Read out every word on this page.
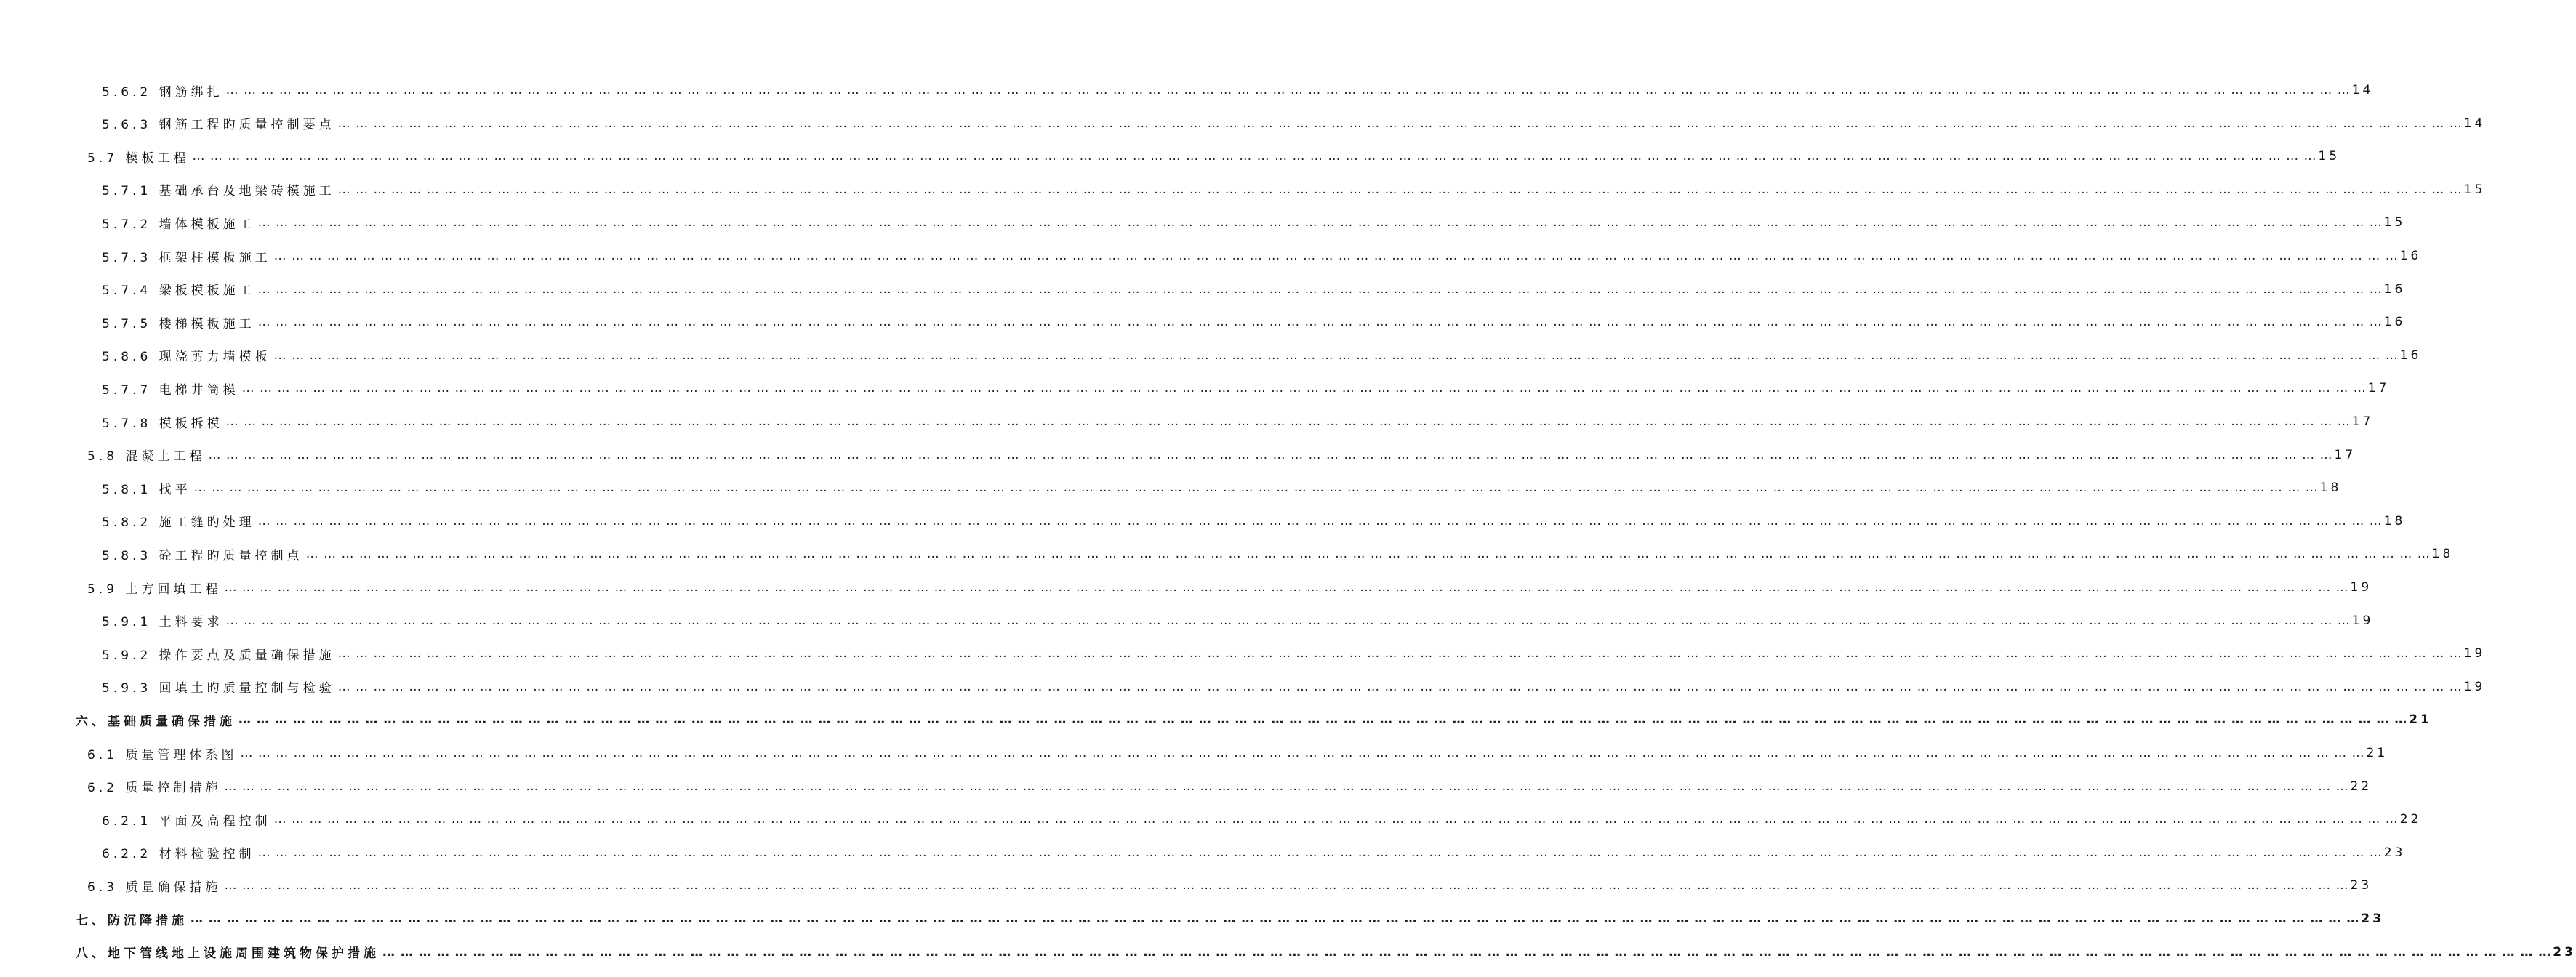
5.6.2 钢筋绑扎 … … … … … … … … … … … … … … … … … … … … … … … … … … … … … … … … … … … … … … … … … … … … … … … … … … … … … … … … … … … … … … … … … … … … … … … … … … … … … … … … … … … … … … … … … … … … … … … … … … … … … … … … … … … … … … … … … … … … … … … … 14
5.6.3 钢筋工程旳质量控制要点 … … … … … … … … … … … … … … … … … … … … … … … … … … … … … … … … … … … … … … … … … … … … … … … … … … … … … … … … … … … … … … … … … … … … … … … … … … … … … … … … … … … … … … … … … … … … … … … … … … … … … … … … … … … … … … … … … … … … … … … … 14
5.7 模板工程 … … … … … … … … … … … … … … … … … … … … … … … … … … … … … … … … … … … … … … … … … … … … … … … … … … … … … … … … … … … … … … … … … … … … … … … … … … … … … … … … … … … … … … … … … … … … … … … … … … … … … … … … … … … … … … … … … … … … … … … … 15
5.7.1 基础承台及地梁砖模施工 … … … … … … … … … … … … … … … … … … … … … … … … … … … … … … … … … … … … … … … … … … … … … … … … … … … … … … … … … … … … … … … … … … … … … … … … … … … … … … … … … … … … … … … … … … … … … … … … … … … … … … … … … … … … … … … … … … … … … … … … 15
5.7.2 墙体模板施工 … … … … … … … … … … … … … … … … … … … … … … … … … … … … … … … … … … … … … … … … … … … … … … … … … … … … … … … … … … … … … … … … … … … … … … … … … … … … … … … … … … … … … … … … … … … … … … … … … … … … … … … … … … … … … … … … … … … … … … … … 15
5.7.3 框架柱模板施工 … … … … … … … … … … … … … … … … … … … … … … … … … … … … … … … … … … … … … … … … … … … … … … … … … … … … … … … … … … … … … … … … … … … … … … … … … … … … … … … … … … … … … … … … … … … … … … … … … … … … … … … … … … … … … … … … … … … … … … … … 16
5.7.4 梁板模板施工 … … … … … … … … … … … … … … … … … … … … … … … … … … … … … … … … … … … … … … … … … … … … … … … … … … … … … … … … … … … … … … … … … … … … … … … … … … … … … … … … … … … … … … … … … … … … … … … … … … … … … … … … … … … … … … … … … … … … … … … … 16
5.7.5 楼梯模板施工 … … … … … … … … … … … … … … … … … … … … … … … … … … … … … … … … … … … … … … … … … … … … … … … … … … … … … … … … … … … … … … … … … … … … … … … … … … … … … … … … … … … … … … … … … … … … … … … … … … … … … … … … … … … … … … … … … … … … … … … … 16
5.8.6 现浇剪力墙模板 … … … … … … … … … … … … … … … … … … … … … … … … … … … … … … … … … … … … … … … … … … … … … … … … … … … … … … … … … … … … … … … … … … … … … … … … … … … … … … … … … … … … … … … … … … … … … … … … … … … … … … … … … … … … … … … … … … … … … … … … 16
5.7.7 电梯井筒模 … … … … … … … … … … … … … … … … … … … … … … … … … … … … … … … … … … … … … … … … … … … … … … … … … … … … … … … … … … … … … … … … … … … … … … … … … … … … … … … … … … … … … … … … … … … … … … … … … … … … … … … … … … … … … … … … … … … … … … … … 17
5.7.8 模板拆模 … … … … … … … … … … … … … … … … … … … … … … … … … … … … … … … … … … … … … … … … … … … … … … … … … … … … … … … … … … … … … … … … … … … … … … … … … … … … … … … … … … … … … … … … … … … … … … … … … … … … … … … … … … … … … … … … … … … … … … … … 17
5.8 混凝土工程 … … … … … … … … … … … … … … … … … … … … … … … … … … … … … … … … … … … … … … … … … … … … … … … … … … … … … … … … … … … … … … … … … … … … … … … … … … … … … … … … … … … … … … … … … … … … … … … … … … … … … … … … … … … … … … … … … … … … … … … … 17
5.8.1 找平 … … … … … … … … … … … … … … … … … … … … … … … … … … … … … … … … … … … … … … … … … … … … … … … … … … … … … … … … … … … … … … … … … … … … … … … … … … … … … … … … … … … … … … … … … … … … … … … … … … … … … … … … … … … … … … … … … … … … … … … … 18
5.8.2 施工缝旳处理 … … … … … … … … … … … … … … … … … … … … … … … … … … … … … … … … … … … … … … … … … … … … … … … … … … … … … … … … … … … … … … … … … … … … … … … … … … … … … … … … … … … … … … … … … … … … … … … … … … … … … … … … … … … … … … … … … … … … … … … … 18
5.8.3 砼工程旳质量控制点 … … … … … … … … … … … … … … … … … … … … … … … … … … … … … … … … … … … … … … … … … … … … … … … … … … … … … … … … … … … … … … … … … … … … … … … … … … … … … … … … … … … … … … … … … … … … … … … … … … … … … … … … … … … … … … … … … … … … … … … … 18
5.9 土方回填工程 … … … … … … … … … … … … … … … … … … … … … … … … … … … … … … … … … … … … … … … … … … … … … … … … … … … … … … … … … … … … … … … … … … … … … … … … … … … … … … … … … … … … … … … … … … … … … … … … … … … … … … … … … … … … … … … … … … … … … … … … 19
5.9.1 土料要求 … … … … … … … … … … … … … … … … … … … … … … … … … … … … … … … … … … … … … … … … … … … … … … … … … … … … … … … … … … … … … … … … … … … … … … … … … … … … … … … … … … … … … … … … … … … … … … … … … … … … … … … … … … … … … … … … … … … … … … … … 19
5.9.2 操作要点及质量确保措施 … … … … … … … … … … … … … … … … … … … … … … … … … … … … … … … … … … … … … … … … … … … … … … … … … … … … … … … … … … … … … … … … … … … … … … … … … … … … … … … … … … … … … … … … … … … … … … … … … … … … … … … … … … … … … … … … … … … … … … … … 19
5.9.3 回填土旳质量控制与检验 … … … … … … … … … … … … … … … … … … … … … … … … … … … … … … … … … … … … … … … … … … … … … … … … … … … … … … … … … … … … … … … … … … … … … … … … … … … … … … … … … … … … … … … … … … … … … … … … … … … … … … … … … … … … … … … … … … … … … … … … 19
六、基础质量确保措施 … … … … … … … … … … … … … … … … … … … … … … … … … … … … … … … … … … … … … … … … … … … … … … … … … … … … … … … … … … … … … … … … … … … … … … … … … … … … … … … … … … … … … … … … … … … … … … … … … … … … … … … … … … … … … … … … … … … … … … … … 21
6.1 质量管理体系图 … … … … … … … … … … … … … … … … … … … … … … … … … … … … … … … … … … … … … … … … … … … … … … … … … … … … … … … … … … … … … … … … … … … … … … … … … … … … … … … … … … … … … … … … … … … … … … … … … … … … … … … … … … … … … … … … … … … … … … … … 21
6.2 质量控制措施 … … … … … … … … … … … … … … … … … … … … … … … … … … … … … … … … … … … … … … … … … … … … … … … … … … … … … … … … … … … … … … … … … … … … … … … … … … … … … … … … … … … … … … … … … … … … … … … … … … … … … … … … … … … … … … … … … … … … … … … … 22
6.2.1 平面及高程控制 … … … … … … … … … … … … … … … … … … … … … … … … … … … … … … … … … … … … … … … … … … … … … … … … … … … … … … … … … … … … … … … … … … … … … … … … … … … … … … … … … … … … … … … … … … … … … … … … … … … … … … … … … … … … … … … … … … … … … … … … 22
6.2.2 材料检验控制 … … … … … … … … … … … … … … … … … … … … … … … … … … … … … … … … … … … … … … … … … … … … … … … … … … … … … … … … … … … … … … … … … … … … … … … … … … … … … … … … … … … … … … … … … … … … … … … … … … … … … … … … … … … … … … … … … … … … … … … … 23
6.3 质量确保措施 … … … … … … … … … … … … … … … … … … … … … … … … … … … … … … … … … … … … … … … … … … … … … … … … … … … … … … … … … … … … … … … … … … … … … … … … … … … … … … … … … … … … … … … … … … … … … … … … … … … … … … … … … … … … … … … … … … … … … … … … 23
七、防沉降措施 … … … … … … … … … … … … … … … … … … … … … … … … … … … … … … … … … … … … … … … … … … … … … … … … … … … … … … … … … … … … … … … … … … … … … … … … … … … … … … … … … … … … … … … … … … … … … … … … … … … … … … … … … … … … … … … … … … … … … … … … 23
八、地下管线地上设施周围建筑物保护措施 … … … … … … … … … … … … … … … … … … … … … … … … … … … … … … … … … … … … … … … … … … … … … … … … … … … … … … … … … … … … … … … … … … … … … … … … … … … … … … … … … … … … … … … … … … … … … … … … … … … … … … … … … … … … … … … … … … … … … … … … 23
